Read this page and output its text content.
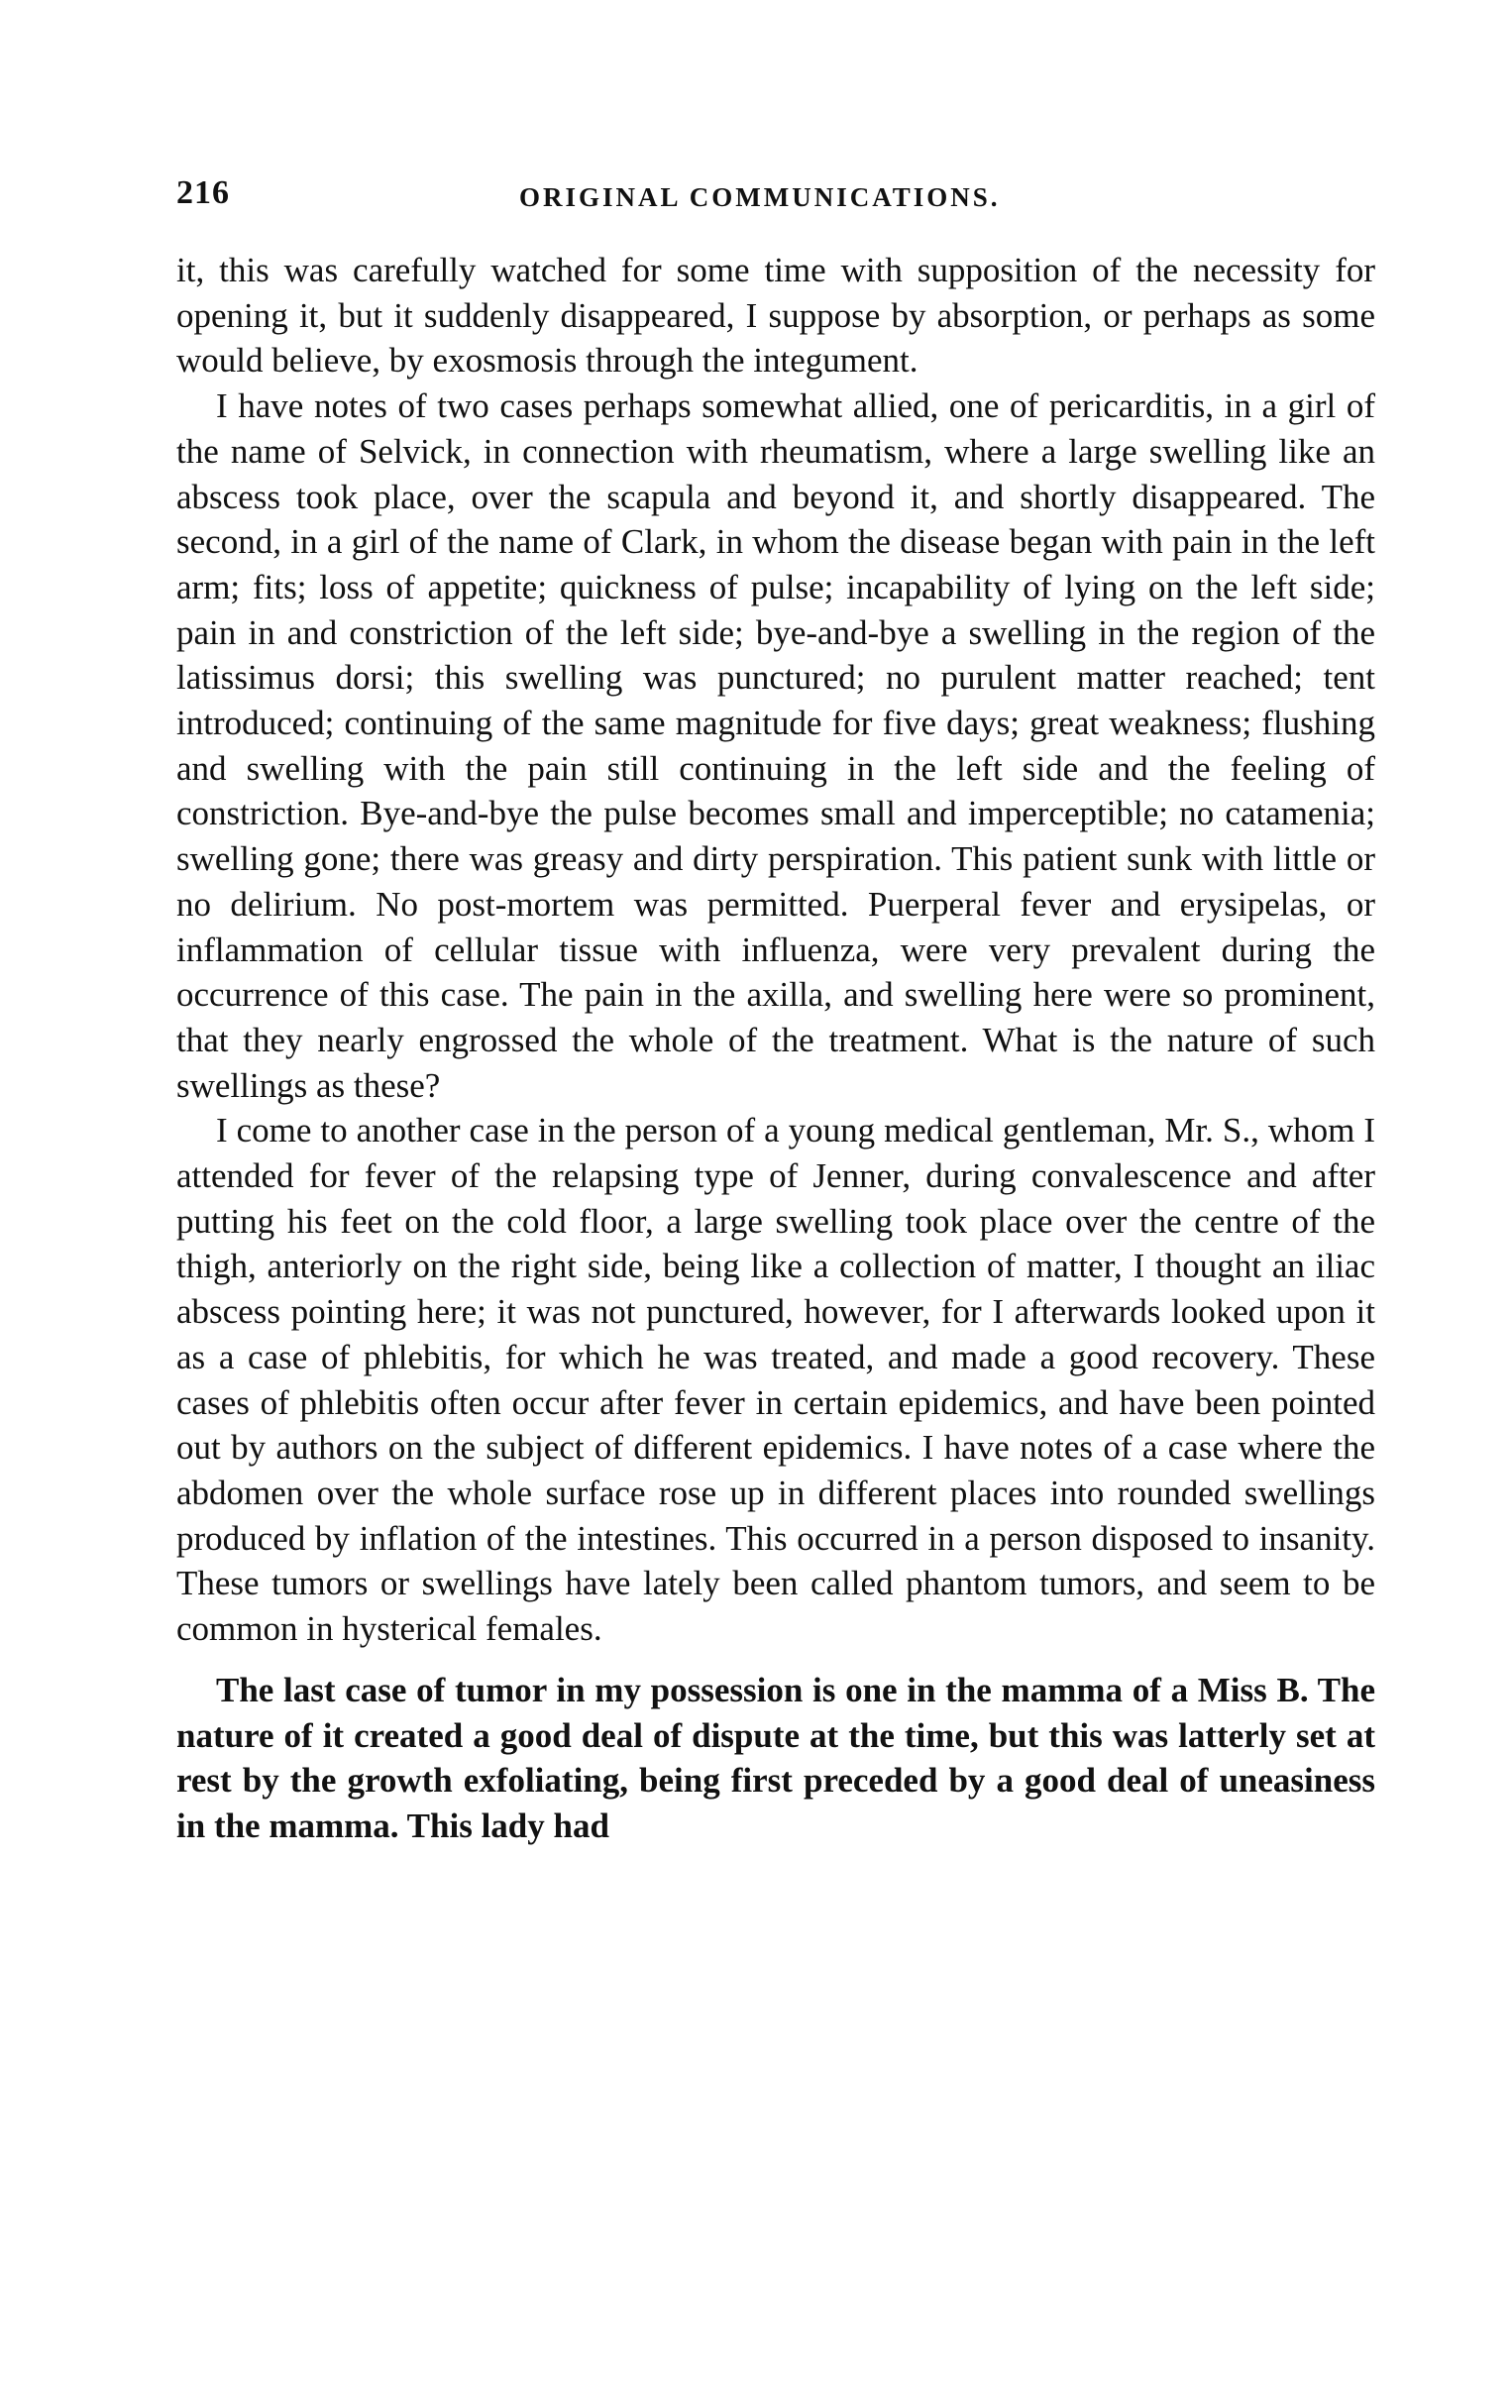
216	ORIGINAL COMMUNICATIONS.

it, this was carefully watched for some time with supposition of the necessity for opening it, but it suddenly disappeared, I suppose by absorption, or perhaps as some would believe, by exosmosis through the integument.

I have notes of two cases perhaps somewhat allied, one of pericarditis, in a girl of the name of Selvick, in connection with rheumatism, where a large swelling like an abscess took place, over the scapula and beyond it, and shortly disappeared. The second, in a girl of the name of Clark, in whom the disease began with pain in the left arm; fits; loss of appetite; quickness of pulse; incapability of lying on the left side; pain in and constriction of the left side; bye-and-bye a swelling in the region of the latissimus dorsi; this swelling was punctured; no purulent matter reached; tent introduced; continuing of the same magnitude for five days; great weakness; flushing and swelling with the pain still continuing in the left side and the feeling of constriction. Bye-and-bye the pulse becomes small and imperceptible; no catamenia; swelling gone; there was greasy and dirty perspiration. This patient sunk with little or no delirium. No post-mortem was permitted. Puerperal fever and erysipelas, or inflammation of cellular tissue with influenza, were very prevalent during the occurrence of this case. The pain in the axilla, and swelling here were so prominent, that they nearly engrossed the whole of the treatment. What is the nature of such swellings as these?

I come to another case in the person of a young medical gentleman, Mr. S., whom I attended for fever of the relapsing type of Jenner, during convalescence and after putting his feet on the cold floor, a large swelling took place over the centre of the thigh, anteriorly on the right side, being like a collection of matter, I thought an iliac abscess pointing here; it was not punctured, however, for I afterwards looked upon it as a case of phlebitis, for which he was treated, and made a good recovery. These cases of phlebitis often occur after fever in certain epidemics, and have been pointed out by authors on the subject of different epidemics. I have notes of a case where the abdomen over the whole surface rose up in different places into rounded swellings produced by inflation of the intestines. This occurred in a person disposed to insanity. These tumors or swellings have lately been called phantom tumors, and seem to be common in hysterical females.

The last case of tumor in my possession is one in the mamma of a Miss B. The nature of it created a good deal of dispute at the time, but this was latterly set at rest by the growth exfoliating, being first preceded by a good deal of uneasiness in the mamma. This lady had
